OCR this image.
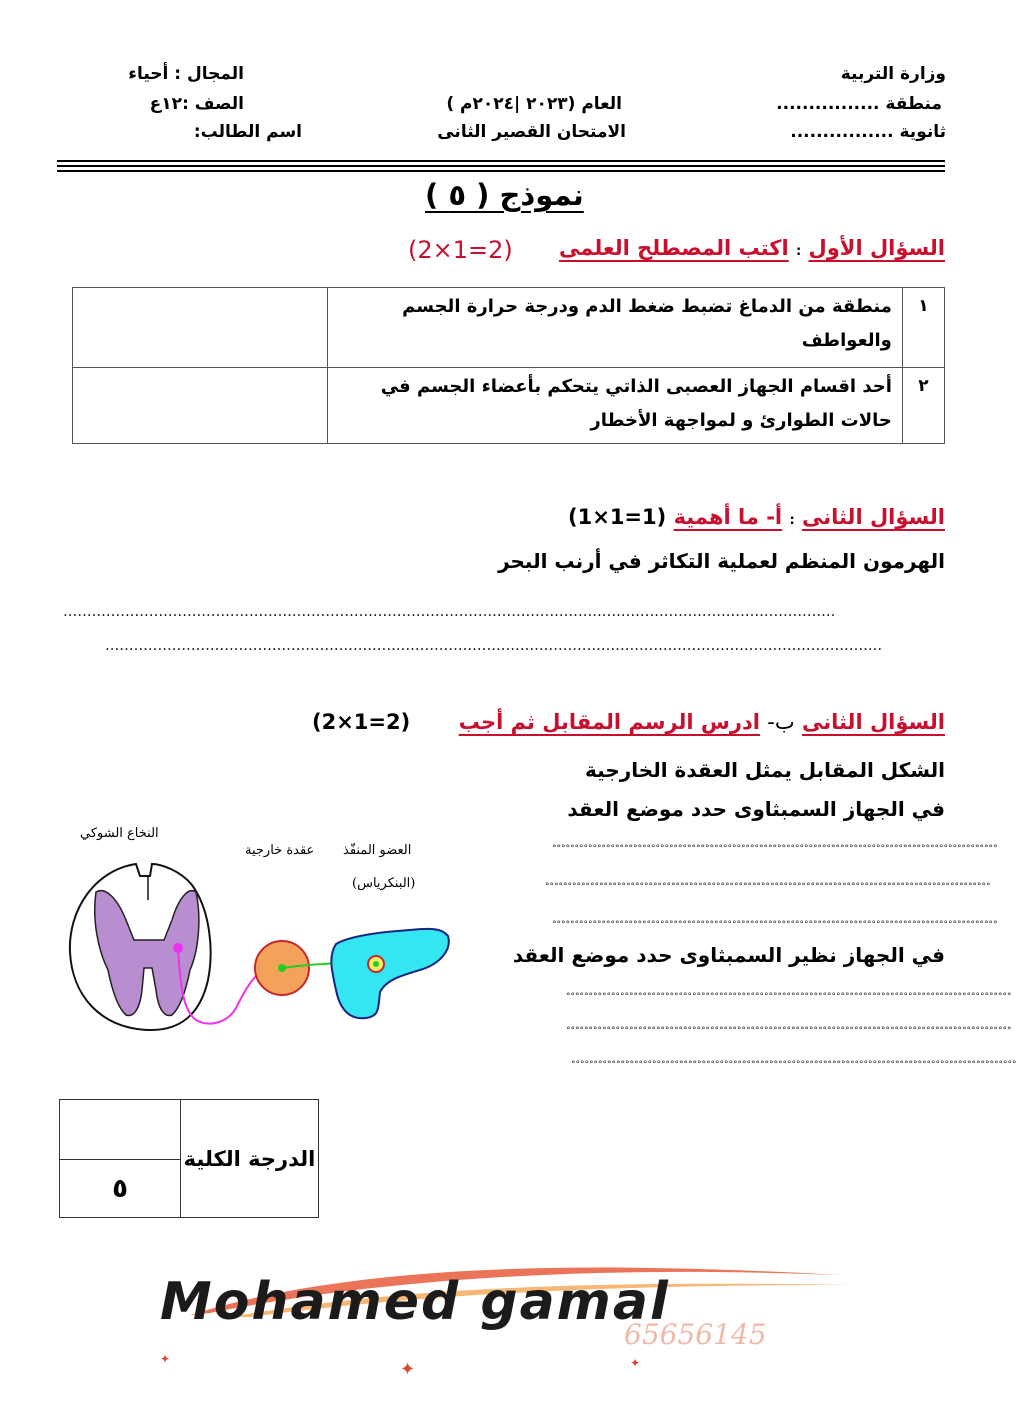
وزارة التربية
منطقة ................
ثانوية ................
العام (٢٠٢٣ |٢٠٢٤م )
الامتحان القصير الثانى
المجال : أحياء
الصف :١٢ع
اسم الطالب:
نموذج ( ٥ )
السؤال الأول : اكتب المصطلح العلمى
(2×1=2)
١	منطقة من الدماغ تضبط ضغط الدم ودرجة حرارة الجسم والعواطف	
٢	أحد اقسام الجهاز العصبى الذاتي يتحكم بأعضاء الجسم في حالات الطوارئ و لمواجهة الأخطار	
السؤال الثانى : أ- ما أهمية (1×1=1)
الهرمون المنظم لعملية التكاثر في أرنب البحر
..................................................................................................................................................................
...................................................................................................................................................................
السؤال الثانى ب- ادرس الرسم المقابل ثم أجب
(2×1=2)
الشكل المقابل يمثل العقدة الخارجية
في الجهاز السمبثاوى حدد موضع العقد
°°°°°°°°°°°°°°°°°°°°°°°°°°°°°°°°°°°°°°°°°°°°°°°°°°°°°°°°°°°°°°°°°°°°°°°°°°°°°°°°°°°°°°°°°°°°°°°°°°°
°°°°°°°°°°°°°°°°°°°°°°°°°°°°°°°°°°°°°°°°°°°°°°°°°°°°°°°°°°°°°°°°°°°°°°°°°°°°°°°°°°°°°°°°°°°°°°°°°°°
°°°°°°°°°°°°°°°°°°°°°°°°°°°°°°°°°°°°°°°°°°°°°°°°°°°°°°°°°°°°°°°°°°°°°°°°°°°°°°°°°°°°°°°°°°°°°°°°°°°
في الجهاز نظير السمبثاوى حدد موضع العقد
°°°°°°°°°°°°°°°°°°°°°°°°°°°°°°°°°°°°°°°°°°°°°°°°°°°°°°°°°°°°°°°°°°°°°°°°°°°°°°°°°°°°°°°°°°°°°°°°°°°
°°°°°°°°°°°°°°°°°°°°°°°°°°°°°°°°°°°°°°°°°°°°°°°°°°°°°°°°°°°°°°°°°°°°°°°°°°°°°°°°°°°°°°°°°°°°°°°°°°°
°°°°°°°°°°°°°°°°°°°°°°°°°°°°°°°°°°°°°°°°°°°°°°°°°°°°°°°°°°°°°°°°°°°°°°°°°°°°°°°°°°°°°°°°°°°°°°°°°°°
النخاع الشوكي
عقدة خارجية العضو المنفّذ
(البنكرياس)
	الدرجة الكلية
٥
✦	✦
✦
Mohamed gamal
65656145
